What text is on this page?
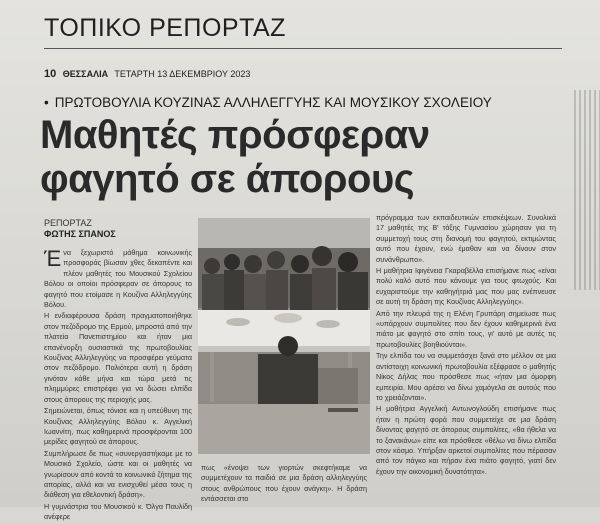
ΤΟΠΙΚΟ ΡΕΠΟΡΤΑΖ
10 ΘΕΣΣΑΛΙΑ ΤΕΤΑΡΤΗ 13 ΔΕΚΕΜΒΡΙΟΥ 2023
• ΠΡΩΤΟΒΟΥΛΙΑ ΚΟΥΖΙΝΑΣ ΑΛΛΗΛΕΓΓΥΗΣ ΚΑΙ ΜΟΥΣΙΚΟΥ ΣΧΟΛΕΙΟΥ
Μαθητές πρόσφεραν
φαγητό σε άπορους
ΡΕΠΟΡΤΑΖ
ΦΩΤΗΣ ΣΠΑΝΟΣ

Ένα ξεχωριστό μάθημα κοινωνικής προσφοράς βίωσαν χθες δεκαπέντε και πλέον μαθητές του Μουσικού Σχολείου Βόλου οι οποίοι πρόσφεραν σε άπορους το φαγητό που ετοίμασε η Κουζίνα Αλληλεγγύης Βόλου.

Η ενδιαφέρουσα δράση πραγματοποιήθηκε στον πεζόδρομο της Ερμού, μπροστά από την πλατεία Πανεπιστημίου και ήταν μια επανένορξη ουσιαστικά της πρωτοβουλίας Κουζίνας Αλληλεγγύης να προσφέρει γεύματα στον πεζόδρομο. Παλιότερα αυτή η δράση γινόταν κάθε μήνα και τώρα μετά τις πλημμύρες επιστρέφει για να δώσει ελπίδα στους άπορους της περιοχής μας.

Σημειώνεται, όπως τόνισε και η υπεύθυνη της Κουζίνας Αλληλεγγύης Βόλου κ. Αγγελική Ιωαννίτη, πως καθημερινά προσφέρονται 100 μερίδες φαγητού σε άπορους.

Συμπλήρωσε δε πως «συνεργαστήκαμε με το Μουσικό Σχολείο, ώστε και οι μαθητές να γνωρίσουν από κοντά το κοινωνικό ζήτημα της απορίας, αλλά και να ενισχυθεί μέσα τους η διάθεση για εθελοντική δράση».

Η γυμνάστρια του Μουσικού κ. Όλγα Παυλίδη ανέφερε

πως «ένοψει των γιορτών σκεφτήκαμε να συμμετέχουν τα παιδιά σε μια δράση αλληλεγγύης στους ανθρώπους που έχουν ανάγκη». Η δράση εντάσσεται στο

πρόγραμμα των εκπαιδευτικών επισκέψεων. Συνολικά 17 μαθητές της Β' τάξης Γυμνασίου χώρησαν για τη συμμετοχή τους στη διανομή του φαγητού, εκτιμώντας αυτό που έχουν, ενώ έμαθαν και να δίνουν στον συνάνθρωπο».

Η μαθήτρια Ιφιγένεια Γκαραβέλλα επισήμανε πως «είναι πολύ καλό αυτό που κάνουμε για τους φτωχούς. Και ευχαριστούμε την καθηγήτριά μας που μας ενέπνευσε σε αυτή τη δράση της Κουζίνας Αλληλεγγύης».

Από την πλευρά της η Ελένη Γρυπάρη σημείωσε πως «υπάρχουν συμπολίτες που δεν έχουν καθημερινά ένα πιάτο με φαγητό στο σπίτι τους, γι' αυτό με αυτές τις πρωτοβουλίες βοηθιούνται».

Την ελπίδα του να συμμετάσχει ξανά στο μέλλον σε μια αντίστοιχη κοινωνική πρωτοβουλία εξέφρασε ο μαθητής Νίκος Δήλας που πρόσθεσε πως «ήταν μια όμορφη εμπειρία. Μου αρέσει να δίνω χαμόγελα σε αυτούς που το χρειάζονται».

Η μαθήτρια Αγγελική Αντωνογλούδη επισήμανε πως ήταν η πρώτη φορά που συμμετείχε σε μια δράση δίνοντας φαγητό σε άπορους συμπολίτες, «θα ήθελα να το ξανακάνω» είπε και πρόσθεσε «θέλω να δίνω ελπίδα στον κόσμο. Υπήρξαν αρκετοί συμπολίτες που πέρασαν από τον πάγκο και πήραν ένα πιάτο φαγητό, γιατί δεν έχουν την οικονομική δυνατότητα».
